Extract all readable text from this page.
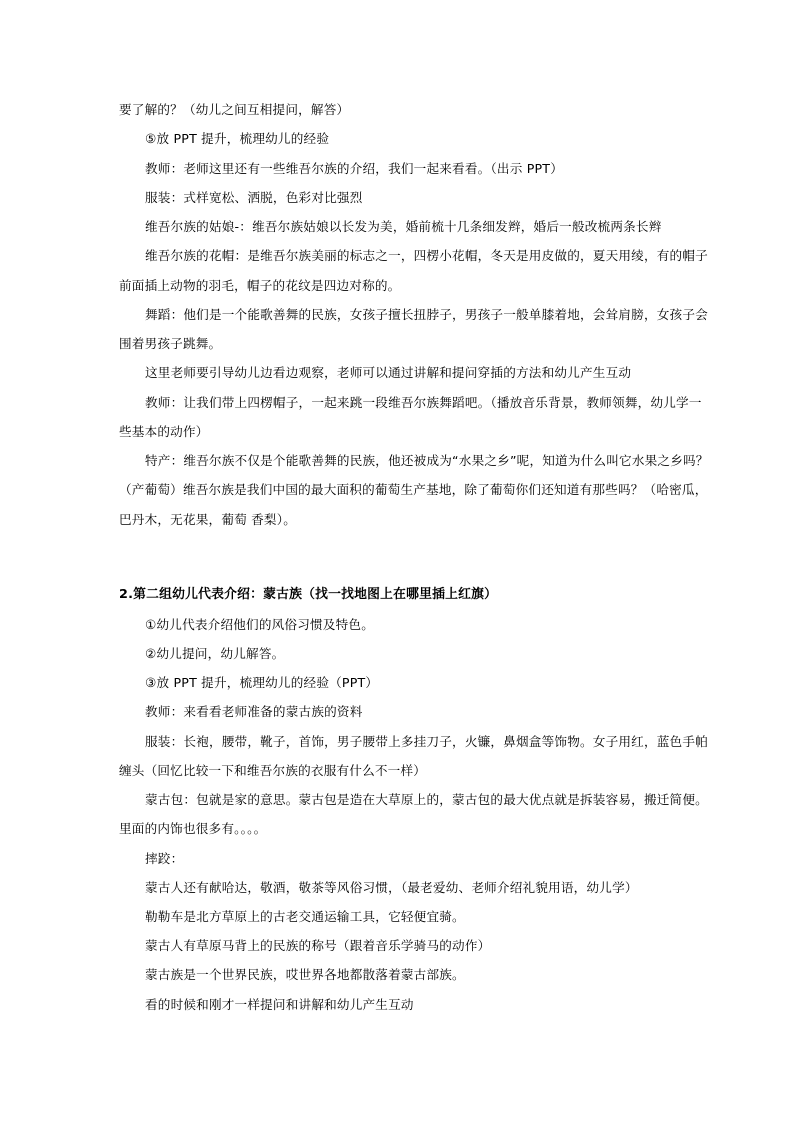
要了解的？（幼儿之间互相提问，解答）
⑤放 PPT 提升，梳理幼儿的经验
教师：老师这里还有一些维吾尔族的介绍，我们一起来看看。（出示 PPT）
服装：式样宽松、洒脱，色彩对比强烈
维吾尔族的姑娘-：维吾尔族姑娘以长发为美，婚前梳十几条细发辫，婚后一般改梳两条长辫
维吾尔族的花帽：是维吾尔族美丽的标志之一，四楞小花帽，冬天是用皮做的，夏天用绫，有的帽子
前面插上动物的羽毛，帽子的花纹是四边对称的。
舞蹈：他们是一个能歌善舞的民族，女孩子擅长扭脖子，男孩子一般单膝着地，会耸肩膀，女孩子会
围着男孩子跳舞。
这里老师要引导幼儿边看边观察，老师可以通过讲解和提问穿插的方法和幼儿产生互动
教师：让我们带上四楞帽子，一起来跳一段维吾尔族舞蹈吧。（播放音乐背景，教师领舞，幼儿学一
些基本的动作）
特产：维吾尔族不仅是个能歌善舞的民族，他还被成为“水果之乡”呢，知道为什么叫它水果之乡吗？
（产葡萄）维吾尔族是我们中国的最大面积的葡萄生产基地，除了葡萄你们还知道有那些吗？（哈密瓜，
巴丹木，无花果，葡萄 香梨）。
2.第二组幼儿代表介绍：蒙古族（找一找地图上在哪里插上红旗）
①幼儿代表介绍他们的风俗习惯及特色。
②幼儿提问，幼儿解答。
③放 PPT 提升，梳理幼儿的经验（PPT）
教师：来看看老师准备的蒙古族的资料
服装：长袍，腰带，靴子，首饰，男子腰带上多挂刀子，火镰，鼻烟盒等饰物。女子用红，蓝色手帕
缠头（回忆比较一下和维吾尔族的衣服有什么不一样）
蒙古包：包就是家的意思。蒙古包是造在大草原上的，蒙古包的最大优点就是拆装容易，搬迁简便。
里面的内饰也很多有。。。。
摔跤：
蒙古人还有献哈达，敬酒，敬茶等风俗习惯，（最老爱幼、老师介绍礼貌用语，幼儿学）
勒勒车是北方草原上的古老交通运输工具，它轻便宜骑。
蒙古人有草原马背上的民族的称号（跟着音乐学骑马的动作）
蒙古族是一个世界民族，哎世界各地都散落着蒙古部族。
看的时候和刚才一样提问和讲解和幼儿产生互动
